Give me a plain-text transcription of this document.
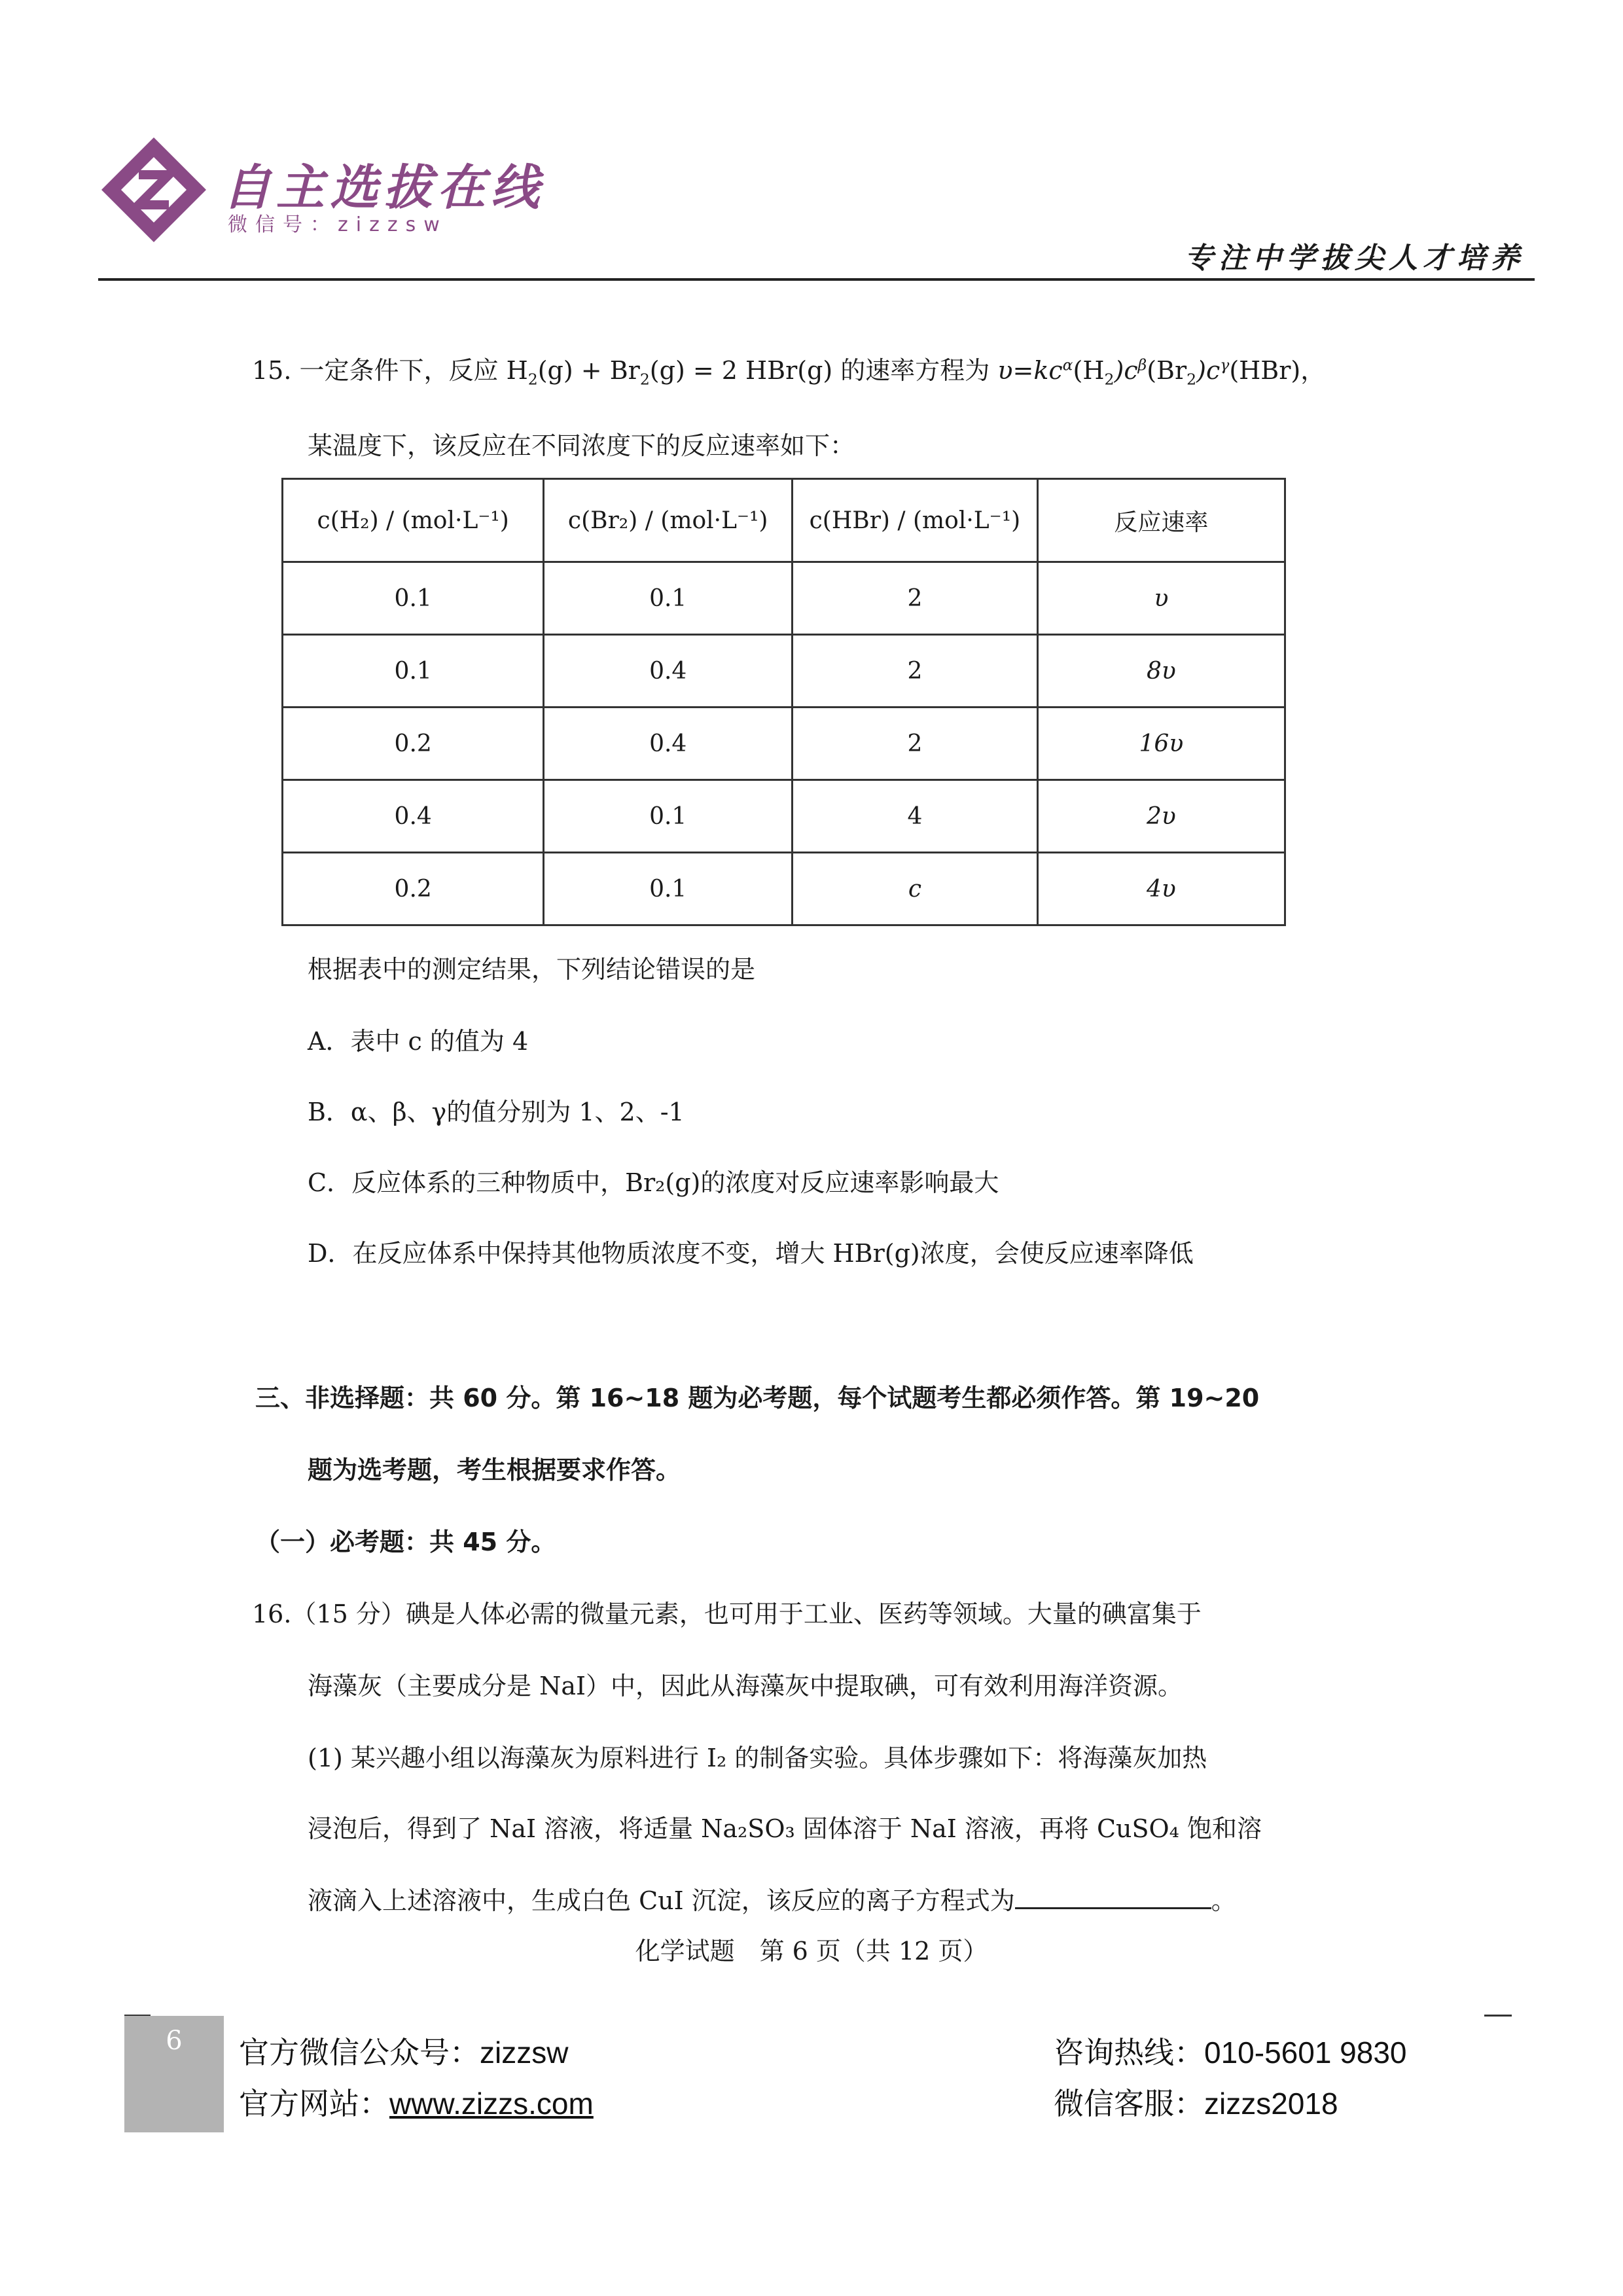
自主选拔在线
微信号：zizzsw
专注中学拔尖人才培养
15. 一定条件下，反应 $H_2(g) + Br_2(g) = 2$ HBr(g) 的速率方程为 $\upsilon=kc^\alpha(H_2)c^\beta(Br_2)c^\gamma(HBr)$，
某温度下，该反应在不同浓度下的反应速率如下：
c(H₂) / (mol·L⁻¹)	c(Br₂) / (mol·L⁻¹)	c(HBr) / (mol·L⁻¹)	反应速率
0.1	0.1	2	υ
0.1	0.4	2	8υ
0.2	0.4	2	16υ
0.4	0.1	4	2υ
0.2	0.1	c	4υ
根据表中的测定结果，下列结论错误的是
A．表中 c 的值为 4
B．α、β、γ的值分别为 1、2、-1
C．反应体系的三种物质中，Br₂(g)的浓度对反应速率影响最大
D．在反应体系中保持其他物质浓度不变，增大 HBr(g)浓度，会使反应速率降低
三、非选择题：共 60 分。第 16~18 题为必考题，每个试题考生都必须作答。第 19~20
题为选考题，考生根据要求作答。
（一）必考题：共 45 分。
16.（15 分）碘是人体必需的微量元素，也可用于工业、医药等领域。大量的碘富集于
海藻灰（主要成分是 NaI）中，因此从海藻灰中提取碘，可有效利用海洋资源。
(1) 某兴趣小组以海藻灰为原料进行 I₂ 的制备实验。具体步骤如下：将海藻灰加热
浸泡后，得到了 NaI 溶液，将适量 Na₂SO₃ 固体溶于 NaI 溶液，再将 CuSO₄ 饱和溶
液滴入上述溶液中，生成白色 CuI 沉淀，该反应的离子方程式为	。
化学试题　第 6 页（共 12 页）
6	官方微信公众号：zizzsw
官方网站：www.zizzs.com
咨询热线：010-5601 9830
微信客服：zizzs2018
